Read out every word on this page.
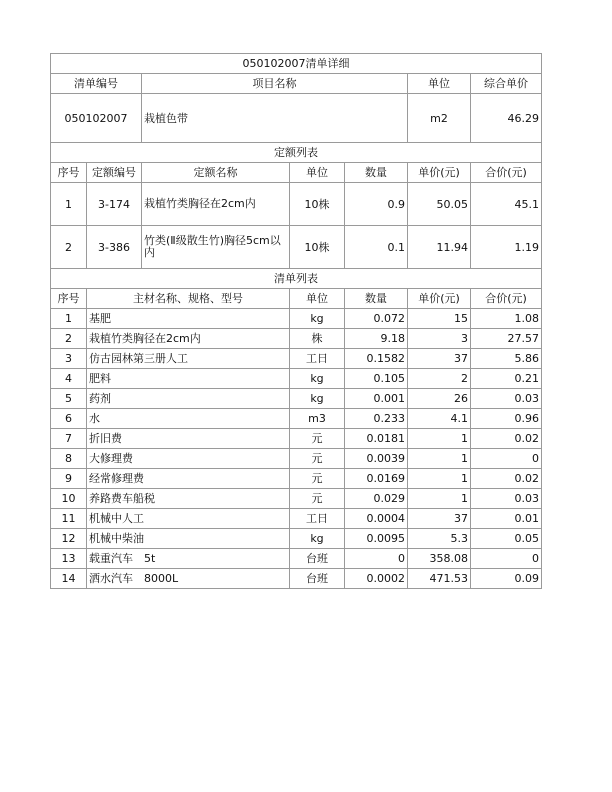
050102007清单详细						
清单编号		项目名称			单位	综合单价
050102007		栽植色带			m2	46.29
定额列表						
序号	定额编号	定额名称	单位	数量	单价(元)	合价(元)
1	3-174	栽植竹类胸径在2cm内	10株	0.9	50.05	45.1
2	3-386	竹类(Ⅱ级散生竹)胸径5cm以内	10株	0.1	11.94	1.19
清单列表						
序号	主材名称、规格、型号		单位	数量	单价(元)	合价(元)
1	基肥		kg	0.072	15	1.08
2	栽植竹类胸径在2cm内		株	9.18	3	27.57
3	仿古园林第三册人工		工日	0.1582	37	5.86
4	肥料		kg	0.105	2	0.21
5	药剂		kg	0.001	26	0.03
6	水		m3	0.233	4.1	0.96
7	折旧费		元	0.0181	1	0.02
8	大修理费		元	0.0039	1	0
9	经常修理费		元	0.0169	1	0.02
10	养路费车船税		元	0.029	1	0.03
11	机械中人工		工日	0.0004	37	0.01
12	机械中柴油		kg	0.0095	5.3	0.05
13	载重汽车　5t		台班	0	358.08	0
14	洒水汽车　8000L		台班	0.0002	471.53	0.09
